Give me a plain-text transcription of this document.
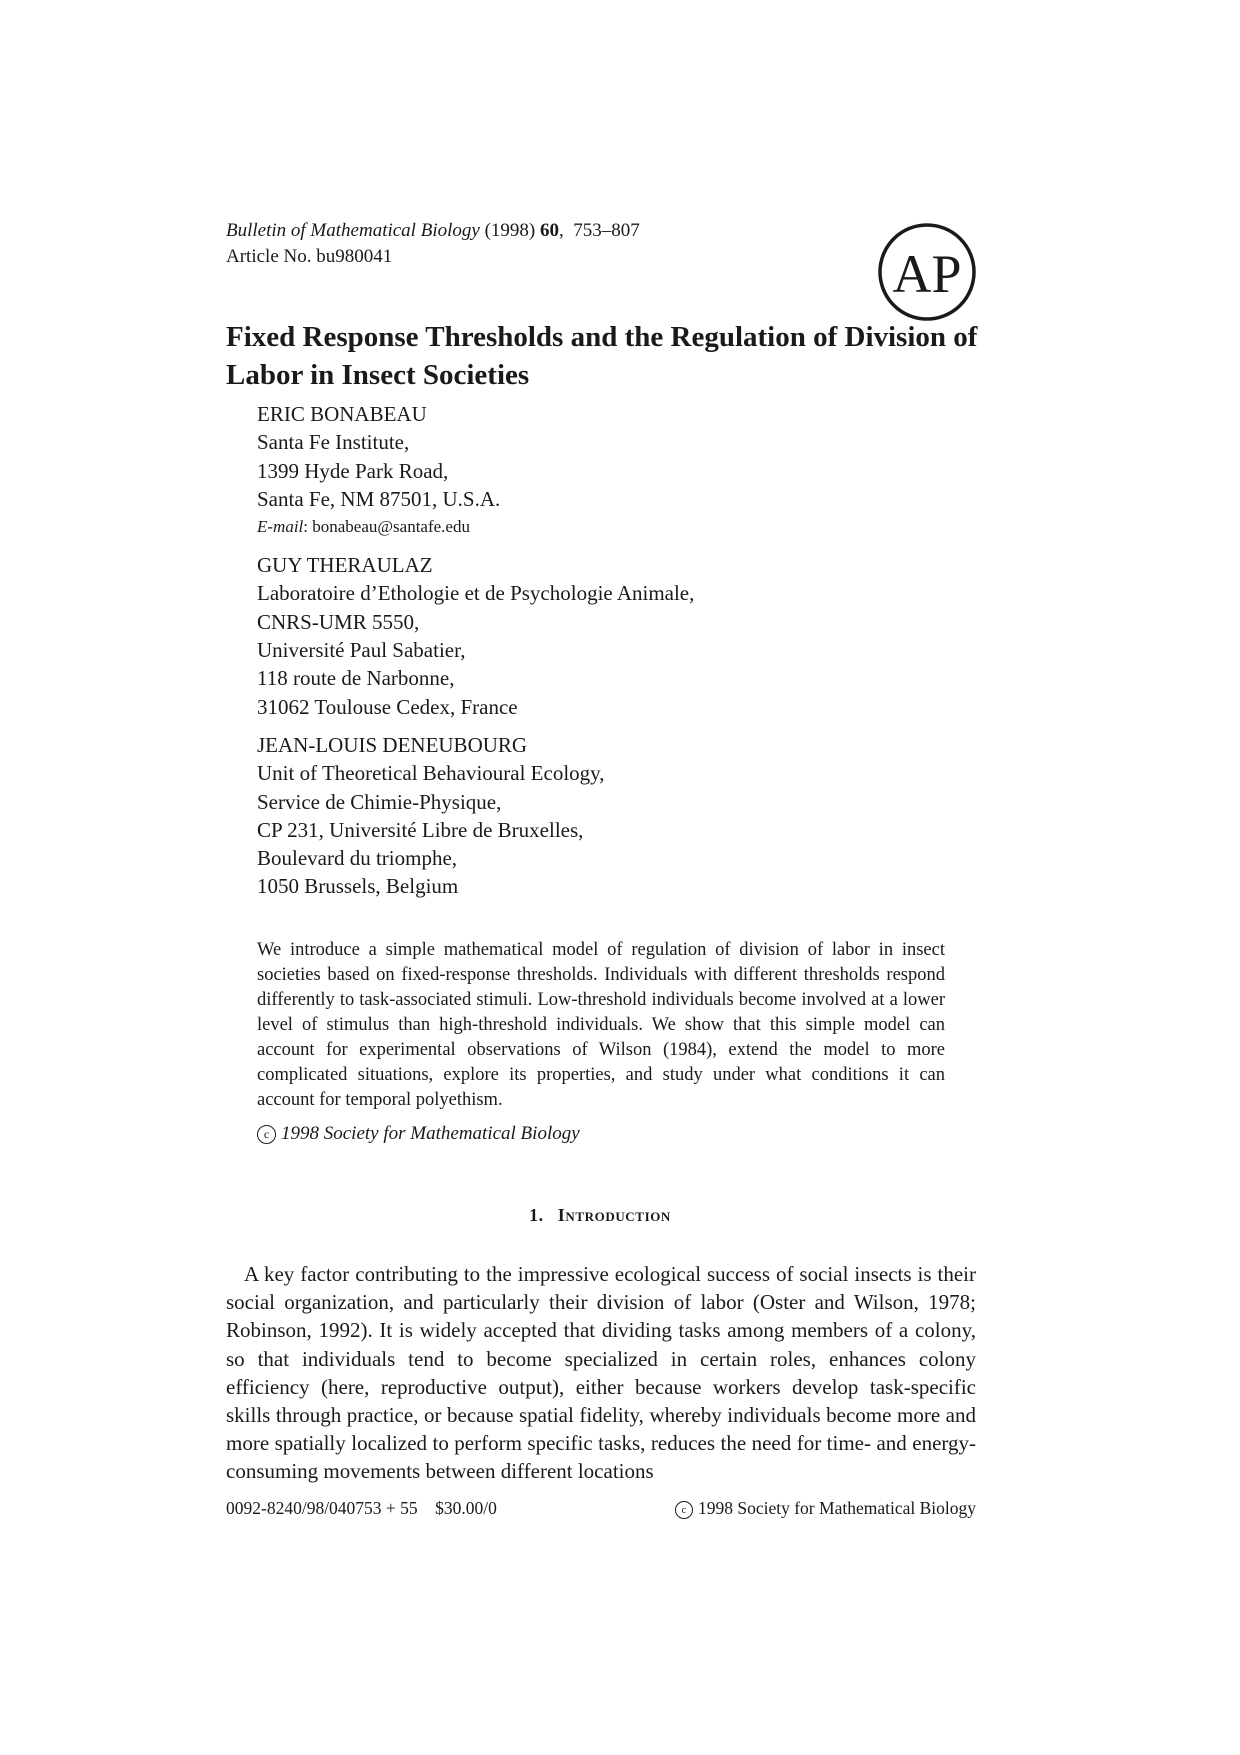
Bulletin of Mathematical Biology (1998) 60,  753–807
Article No. bu980041	AP
Fixed Response Thresholds and the Regulation of Division of Labor in Insect Societies
ERIC BONABEAU
Santa Fe Institute,
1399 Hyde Park Road,
Santa Fe, NM 87501, U.S.A.
E-mail: bonabeau@santafe.edu
GUY THERAULAZ
Laboratoire d’Ethologie et de Psychologie Animale,
CNRS-UMR 5550,
Université Paul Sabatier,
118 route de Narbonne,
31062 Toulouse Cedex, France
JEAN-LOUIS DENEUBOURG
Unit of Theoretical Behavioural Ecology,
Service de Chimie-Physique,
CP 231, Université Libre de Bruxelles,
Boulevard du triomphe,
1050 Brussels, Belgium

We introduce a simple mathematical model of regulation of division of labor in insect societies based on fixed-response thresholds. Individuals with different thresholds respond differently to task-associated stimuli. Low-threshold individuals become involved at a lower level of stimulus than high-threshold individuals. We show that this simple model can account for experimental observations of Wilson (1984), extend the model to more complicated situations, explore its properties, and study under what conditions it can account for temporal polyethism.

c 1998 Society for Mathematical Biology
1. Introduction

A key factor contributing to the impressive ecological success of social insects is their social organization, and particularly their division of labor (Oster and Wilson, 1978; Robinson, 1992). It is widely accepted that dividing tasks among members of a colony, so that individuals tend to become specialized in certain roles, enhances colony efficiency (here, reproductive output), either because workers develop task-specific skills through practice, or because spatial fidelity, whereby individuals become more and more spatially localized to perform specific tasks, reduces the need for time- and energy-consuming movements between different locations

0092-8240/98/040753 + 55 $30.00/0	c 1998 Society for Mathematical Biology
